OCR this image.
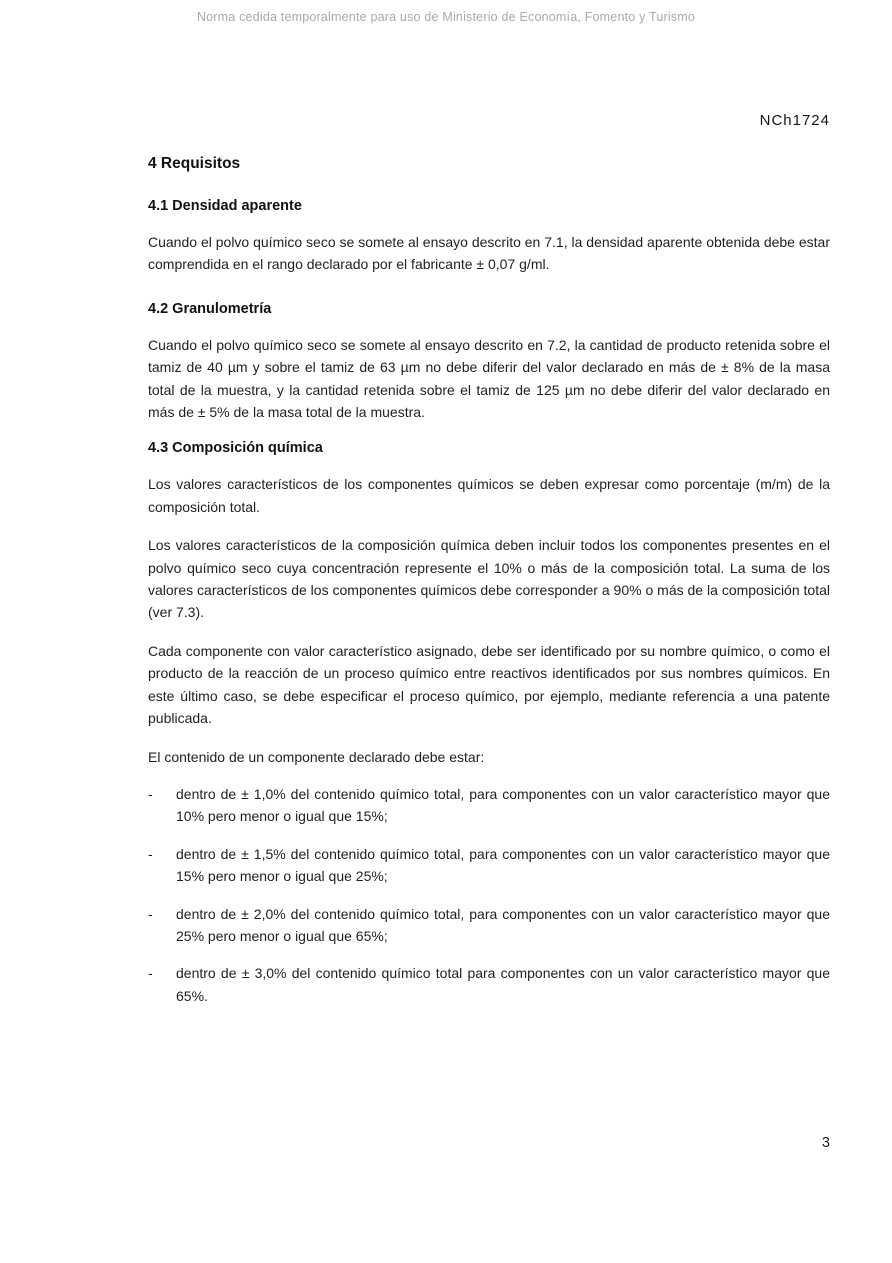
Norma cedida temporalmente para uso de Ministerio de Economía, Fomento y Turismo
NCh1724
4 Requisitos
4.1 Densidad aparente

Cuando el polvo químico seco se somete al ensayo descrito en 7.1, la densidad aparente obtenida debe estar comprendida en el rango declarado por el fabricante ± 0,07 g/ml.

4.2 Granulometría

Cuando el polvo químico seco se somete al ensayo descrito en 7.2, la cantidad de producto retenida sobre el tamiz de 40 µm y sobre el tamiz de 63 µm no debe diferir del valor declarado en más de ± 8% de la masa total de la muestra, y la cantidad retenida sobre el tamiz de 125 µm no debe diferir del valor declarado en más de ± 5% de la masa total de la muestra.

4.3 Composición química

Los valores característicos de los componentes químicos se deben expresar como porcentaje (m/m) de la composición total.

Los valores característicos de la composición química deben incluir todos los componentes presentes en el polvo químico seco cuya concentración represente el 10% o más de la composición total. La suma de los valores característicos de los componentes químicos debe corresponder a 90% o más de la composición total (ver 7.3).

Cada componente con valor característico asignado, debe ser identificado por su nombre químico, o como el producto de la reacción de un proceso químico entre reactivos identificados por sus nombres químicos. En este último caso, se debe especificar el proceso químico, por ejemplo, mediante referencia a una patente publicada.

El contenido de un componente declarado debe estar:

-	dentro de ± 1,0% del contenido químico total, para componentes con un valor característico mayor que 10% pero menor o igual que 15%;
-	dentro de ± 1,5% del contenido químico total, para componentes con un valor característico mayor que 15% pero menor o igual que 25%;
-	dentro de ± 2,0% del contenido químico total, para componentes con un valor característico mayor que 25% pero menor o igual que 65%;
-	dentro de ± 3,0% del contenido químico total para componentes con un valor característico mayor que 65%.
3
